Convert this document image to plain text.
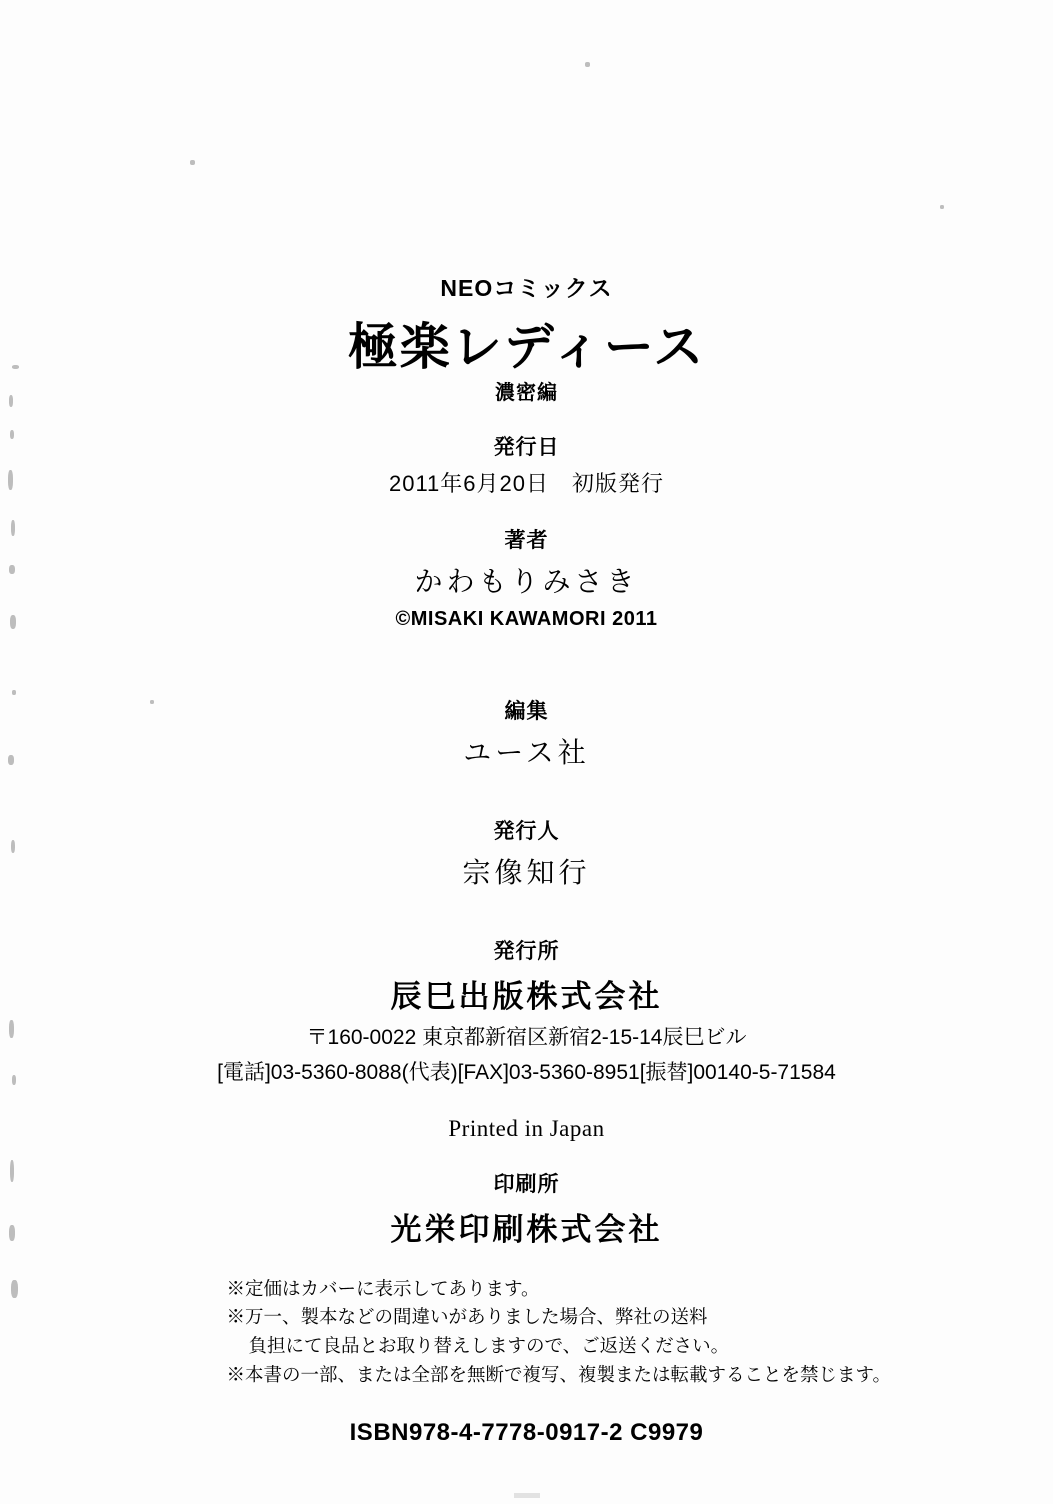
NEOコミックス
極楽レディース
濃密編
発行日
2011年6月20日　初版発行
著者
かわもりみさき
©MISAKI KAWAMORI 2011
編集
ユース社
発行人
宗像知行
発行所
辰巳出版株式会社
〒160-0022 東京都新宿区新宿2-15-14辰巳ビル
[電話]03-5360-8088(代表)[FAX]03-5360-8951[振替]00140-5-71584
Printed in Japan
印刷所
光栄印刷株式会社
※定価はカバーに表示してあります。
※万一、製本などの間違いがありました場合、弊社の送料
負担にて良品とお取り替えしますので、ご返送ください。
※本書の一部、または全部を無断で複写、複製または転載することを禁じます。
ISBN978-4-7778-0917-2 C9979
